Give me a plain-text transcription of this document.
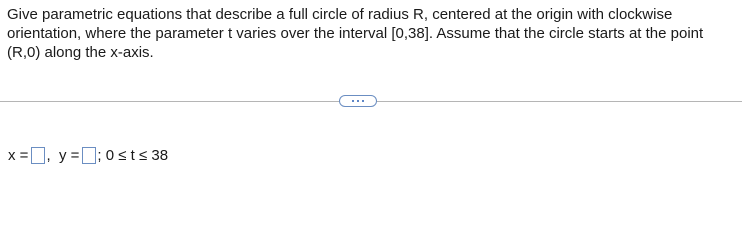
Give parametric equations that describe a full circle of radius R, centered at the origin with clockwise orientation, where the parameter t varies over the interval [0,38]. Assume that the circle starts at the point (R,0) along the x-axis.

x = ,  y = ; 0 ≤ t ≤ 38
